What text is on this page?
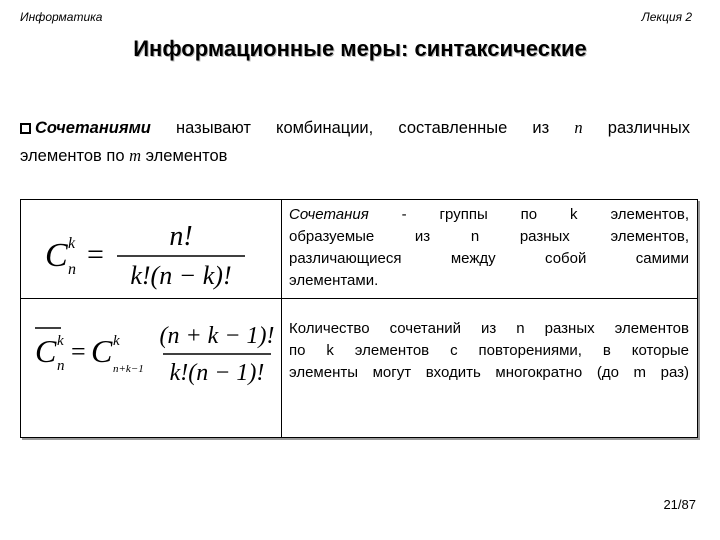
Информатика	Лекция 2
Информационные меры: синтаксические
Сочетаниями называют комбинации, составленные из n различных
элементов по m элементов
C k
n =
n!
k!(n − k)!
Сочетания - группы по k элементов,
образуемые из n разных элементов,
различающиеся между собой самими
элементами.
C k
n = C k
n+k−1
(n + k − 1)!
k!(n − 1)!
Количество сочетаний из n разных элементов
по k элементов с повторениями, в которые
элементы могут входить многократно (до m раз)
21/87
